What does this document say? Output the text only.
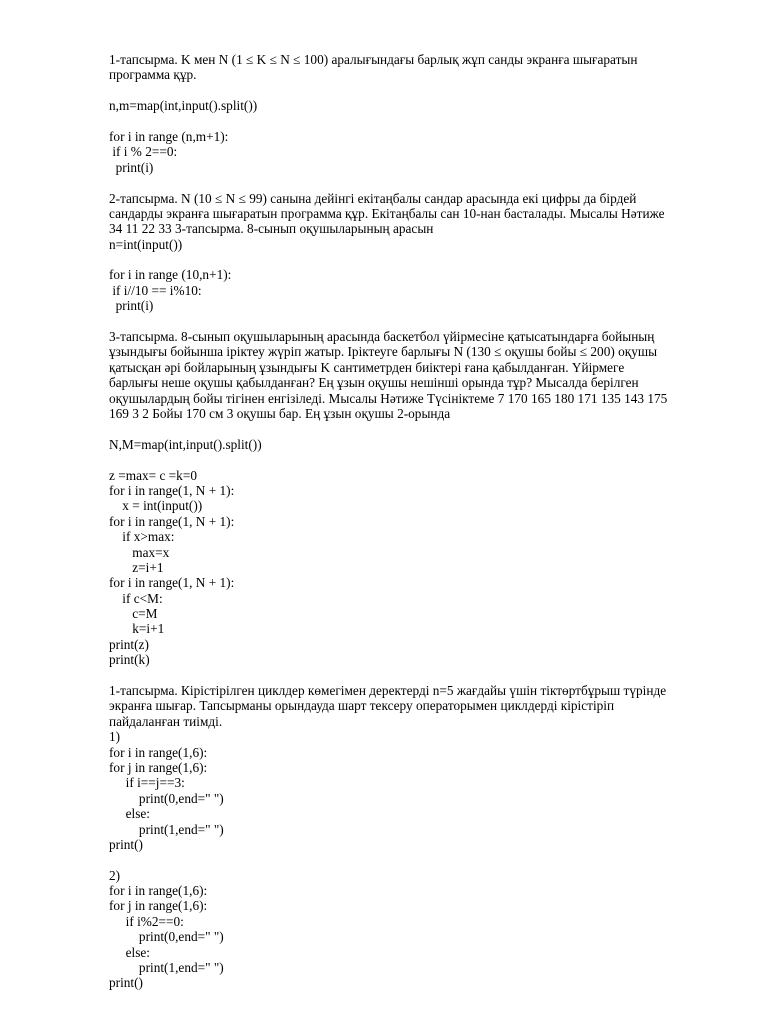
1-тапсырма. K мен N (1 ≤ K ≤ N ≤ 100) аралығындағы барлық жұп санды экранға шығаратын
программа құр.
n,m=map(int,input().split())
for i in range (n,m+1):
if i % 2==0:
print(i)
2-тапсырма. N (10 ≤ N ≤ 99) санына дейінгі екітаңбалы сандар арасында екі цифры да бірдей
сандарды экранға шығаратын программа құр. Екітаңбалы сан 10-нан басталады. Мысалы Нәтиже
34 11 22 33 3-тапсырма. 8-сынып оқушыларының арасын
n=int(input())
for i in range (10,n+1):
if i//10 == i%10:
print(i)
3-тапсырма. 8-сынып оқушыларының арасында баскетбол үйірмесіне қатысатындарға бойының
ұзындығы бойынша іріктеу жүріп жатыр. Іріктеуге барлығы N (130 ≤ оқушы бойы ≤ 200) оқушы
қатысқан әрі бойларының ұзындығы K сантиметрден биіктері ғана қабылданған. Үйірмеге
барлығы неше оқушы қабылданған? Ең ұзын оқушы нешінші орында тұр? Мысалда берілген
оқушылардың бойы тігінен енгізіледі. Мысалы Нәтиже Түсініктеме 7 170 165 180 171 135 143 175
169 3 2 Бойы 170 см 3 оқушы бар. Ең ұзын оқушы 2-орында
N,M=map(int,input().split())
z =max= c =k=0
for i in range(1, N + 1):
x = int(input())
for i in range(1, N + 1):
if x>max:
max=x
z=i+1
for i in range(1, N + 1):
if c<M:
c=M
k=i+1
print(z)
print(k)
1-тапсырма. Кірістірілген циклдер көмегімен деректерді n=5 жағдайы үшін тіктөртбұрыш түрінде
экранға шығар. Тапсырманы орындауда шарт тексеру операторымен циклдерді кірістіріп
пайдаланған тиімді.
1)
for i in range(1,6):
for j in range(1,6):
if i==j==3:
print(0,end=" ")
else:
print(1,end=" ")
print()
2)
for i in range(1,6):
for j in range(1,6):
if i%2==0:
print(0,end=" ")
else:
print(1,end=" ")
print()
